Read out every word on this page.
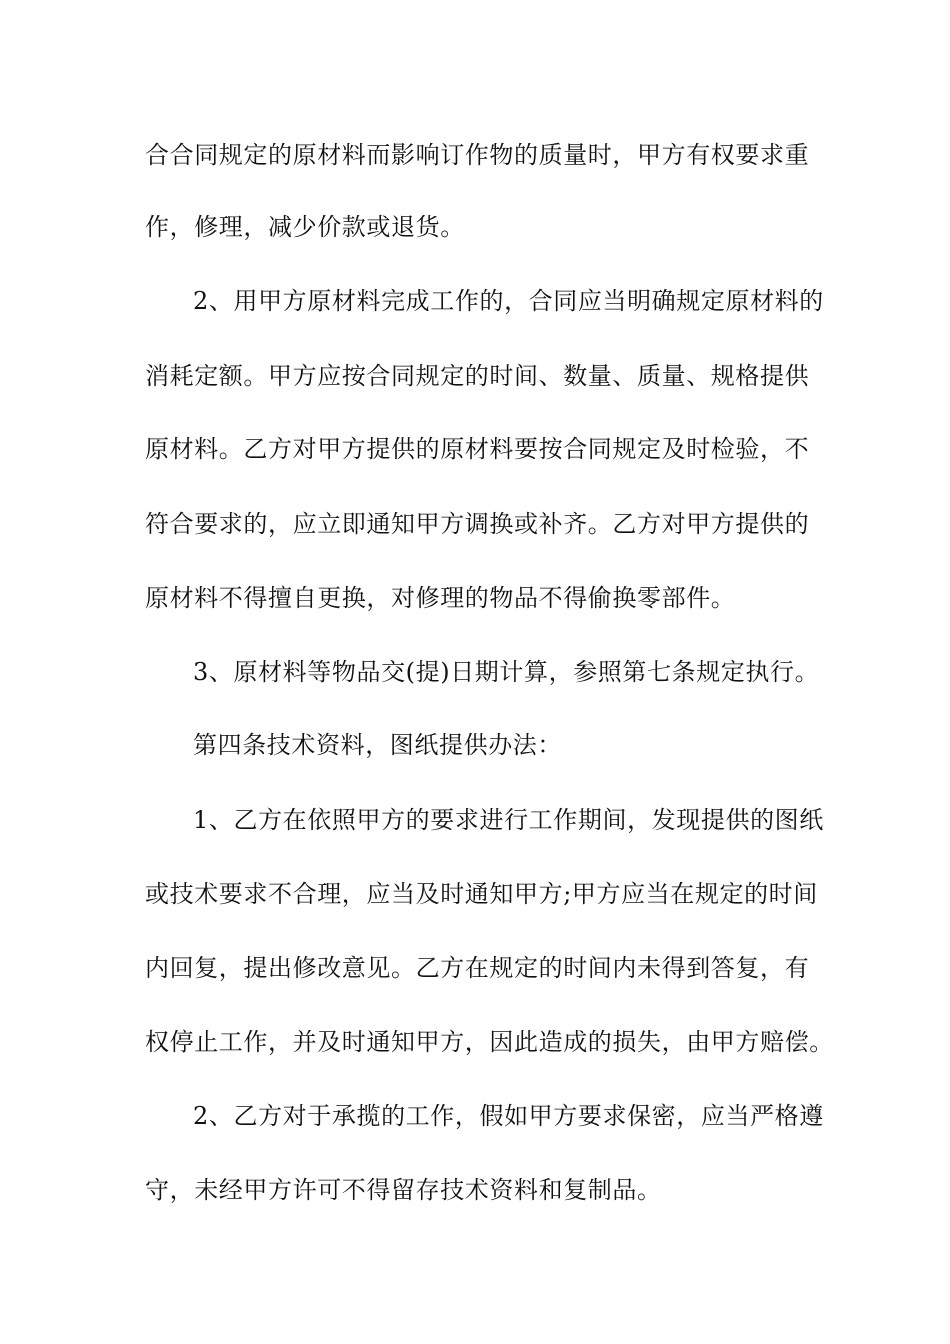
合合同规定的原材料而影响订作物的质量时，甲方有权要求重
作，修理，减少价款或退货。
2、用甲方原材料完成工作的，合同应当明确规定原材料的
消耗定额。甲方应按合同规定的时间、数量、质量、规格提供
原材料。乙方对甲方提供的原材料要按合同规定及时检验，不
符合要求的，应立即通知甲方调换或补齐。乙方对甲方提供的
原材料不得擅自更换，对修理的物品不得偷换零部件。
3、原材料等物品交(提)日期计算，参照第七条规定执行。
第四条技术资料，图纸提供办法：
1、乙方在依照甲方的要求进行工作期间，发现提供的图纸
或技术要求不合理，应当及时通知甲方;甲方应当在规定的时间
内回复，提出修改意见。乙方在规定的时间内未得到答复，有
权停止工作，并及时通知甲方，因此造成的损失，由甲方赔偿。
2、乙方对于承揽的工作，假如甲方要求保密，应当严格遵
守，未经甲方许可不得留存技术资料和复制品。
